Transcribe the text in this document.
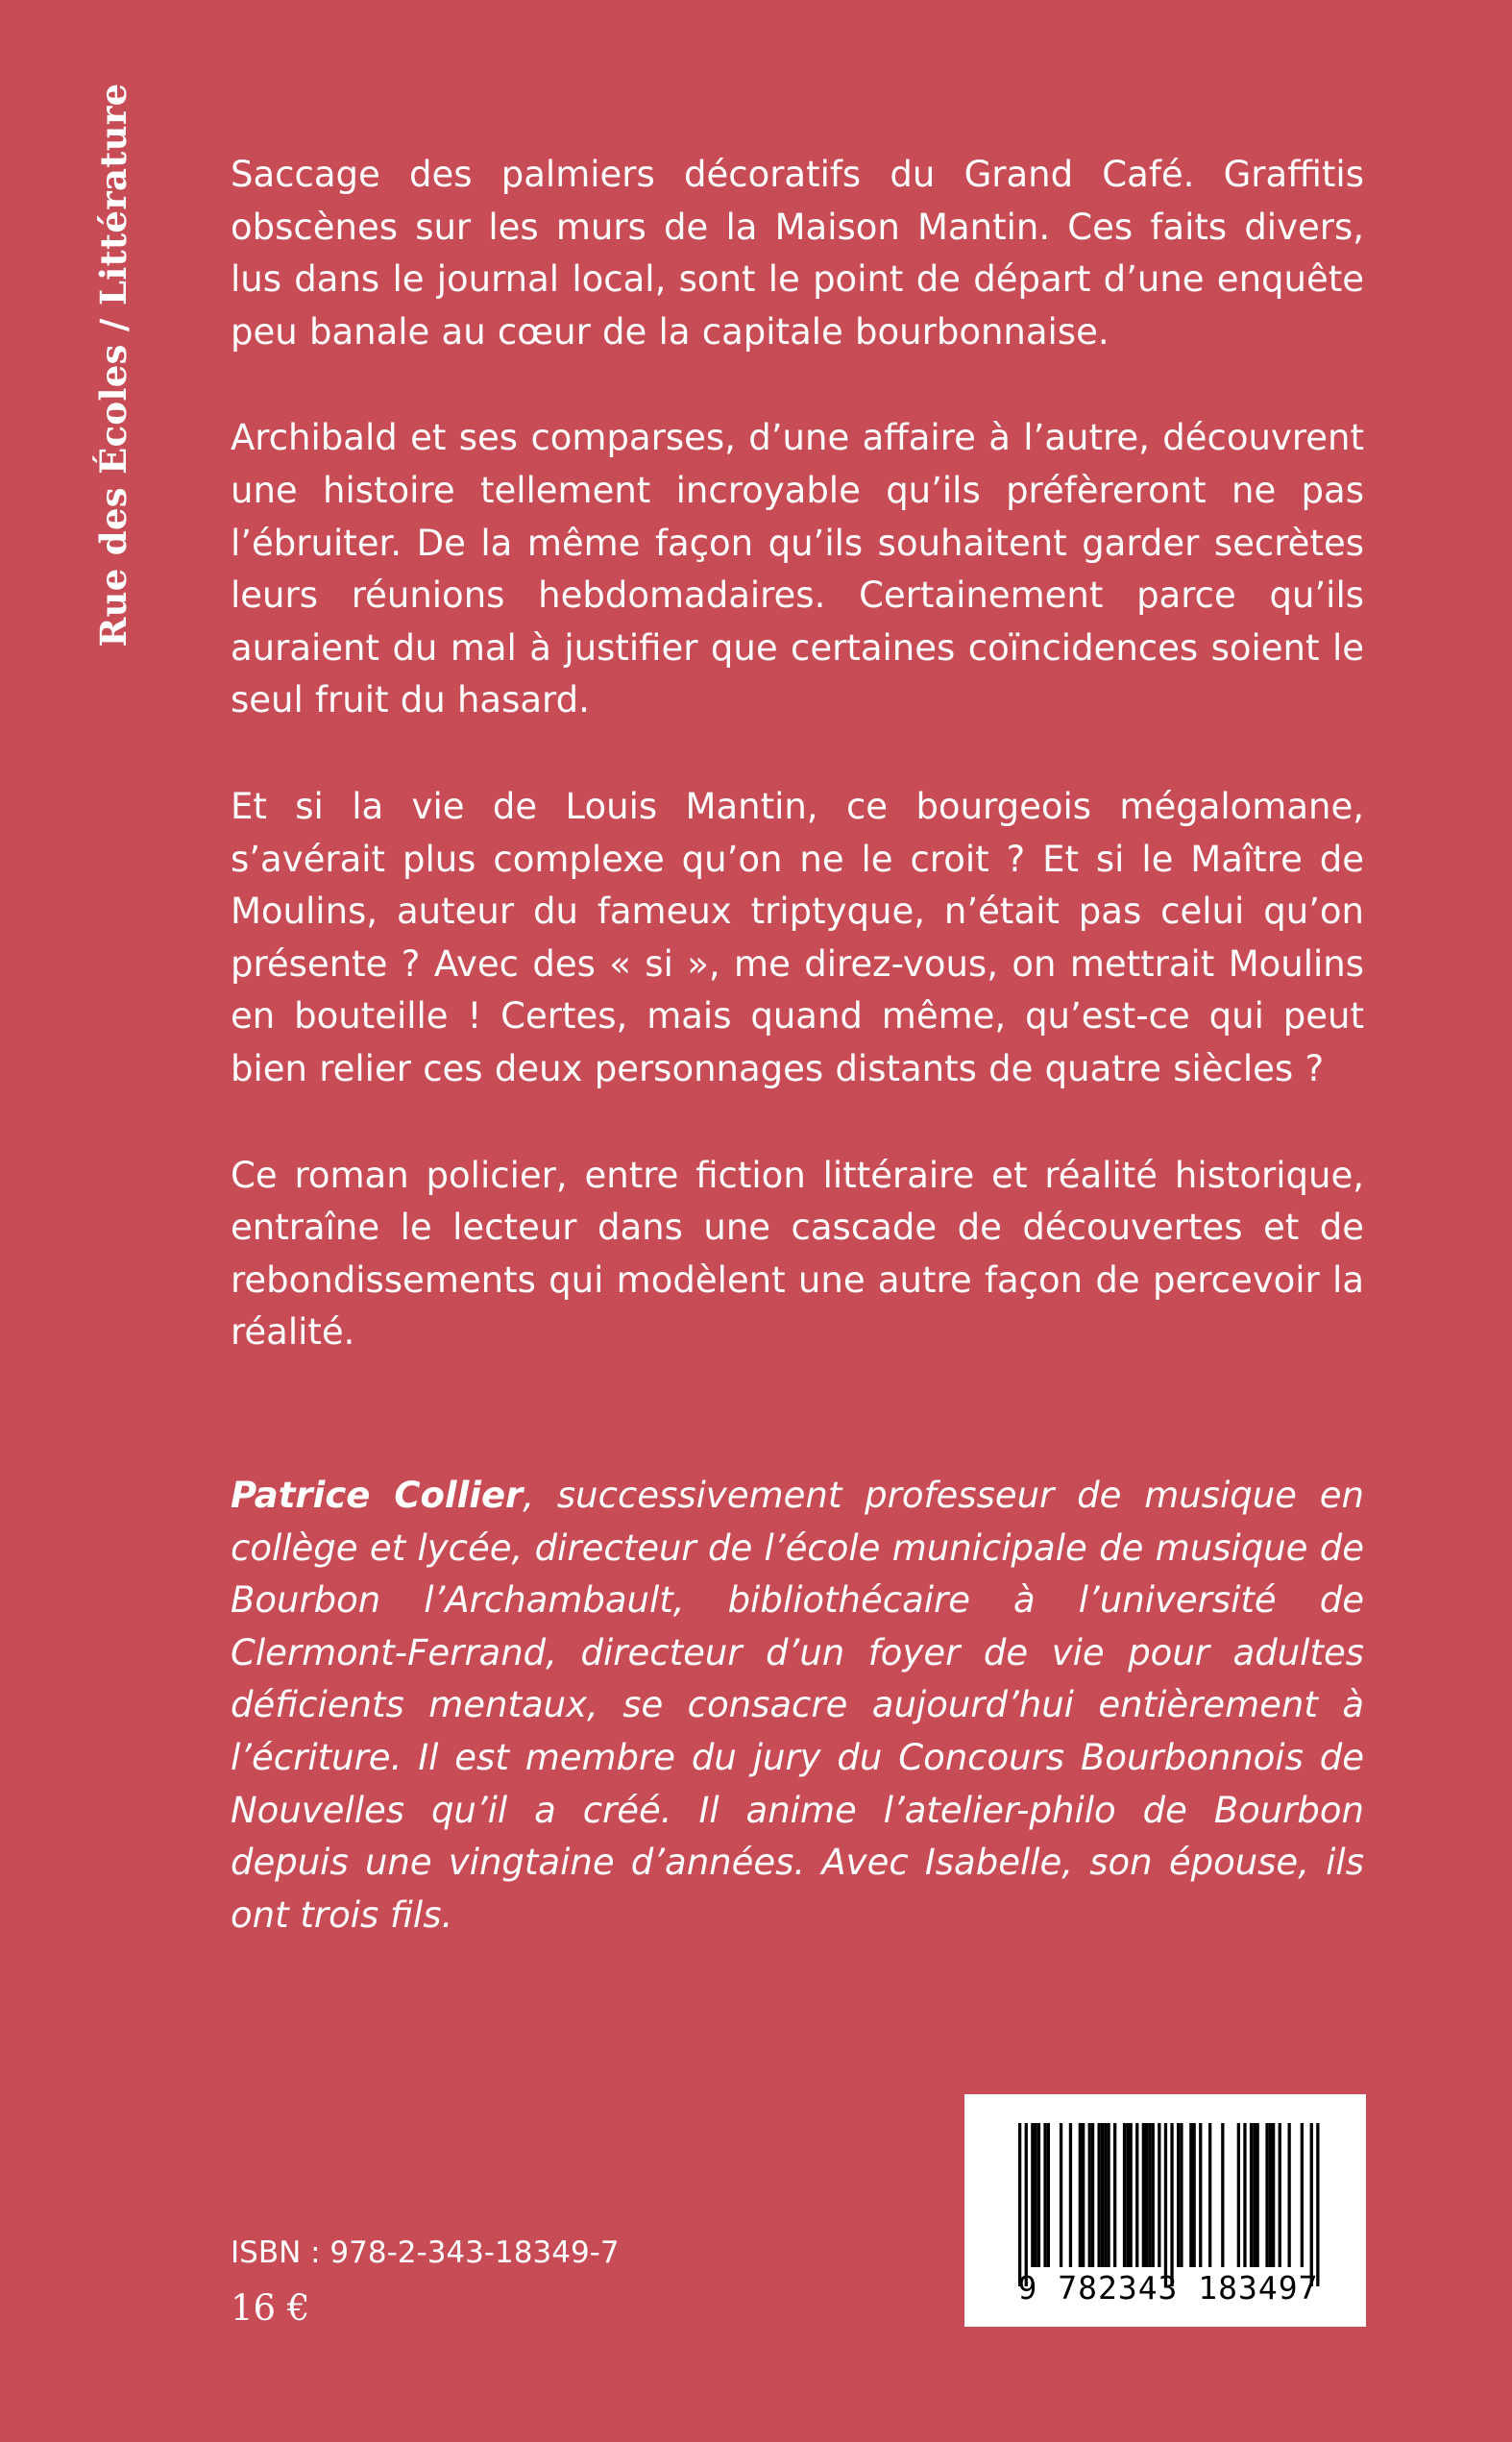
Rue des Écoles / Littérature	Saccage des palmiers décoratifs du Grand Café. Graffitis obscènes sur les murs de la Maison Mantin. Ces faits divers, lus dans le journal local, sont le point de départ d’une enquête peu banale au cœur de la capitale bourbonnaise.

Archibald et ses comparses, d’une affaire à l’autre, découvrent une histoire tellement incroyable qu’ils préfèreront ne pas l’ébruiter. De la même façon qu’ils souhaitent garder secrètes leurs réunions hebdomadaires. Certainement parce qu’ils auraient du mal à justifier que certaines coïncidences soient le seul fruit du hasard.

Et si la vie de Louis Mantin, ce bourgeois mégalomane, s’avérait plus complexe qu’on ne le croit ? Et si le Maître de Moulins, auteur du fameux triptyque, n’était pas celui qu’on présente ? Avec des « si », me direz-vous, on mettrait Moulins en bouteille ! Certes, mais quand même, qu’est-ce qui peut bien relier ces deux personnages distants de quatre siècles ?

Ce roman policier, entre fiction littéraire et réalité historique, entraîne le lecteur dans une cascade de découvertes et de rebondissements qui modèlent une autre façon de percevoir la réalité.

Patrice Collier, successivement professeur de musique en collège et lycée, directeur de l’école municipale de musique de Bourbon l’Archambault, bibliothécaire à l’université de Clermont-Ferrand, directeur d’un foyer de vie pour adultes déficients mentaux, se consacre aujourd’hui entièrement à l’écriture. Il est membre du jury du Concours Bourbonnois de Nouvelles qu’il a créé. Il anime l’atelier-philo de Bourbon depuis une vingtaine d’années. Avec Isabelle, son épouse, ils ont trois fils.

ISBN : 978-2-343-18349-7
16 €	9 782343 183497
